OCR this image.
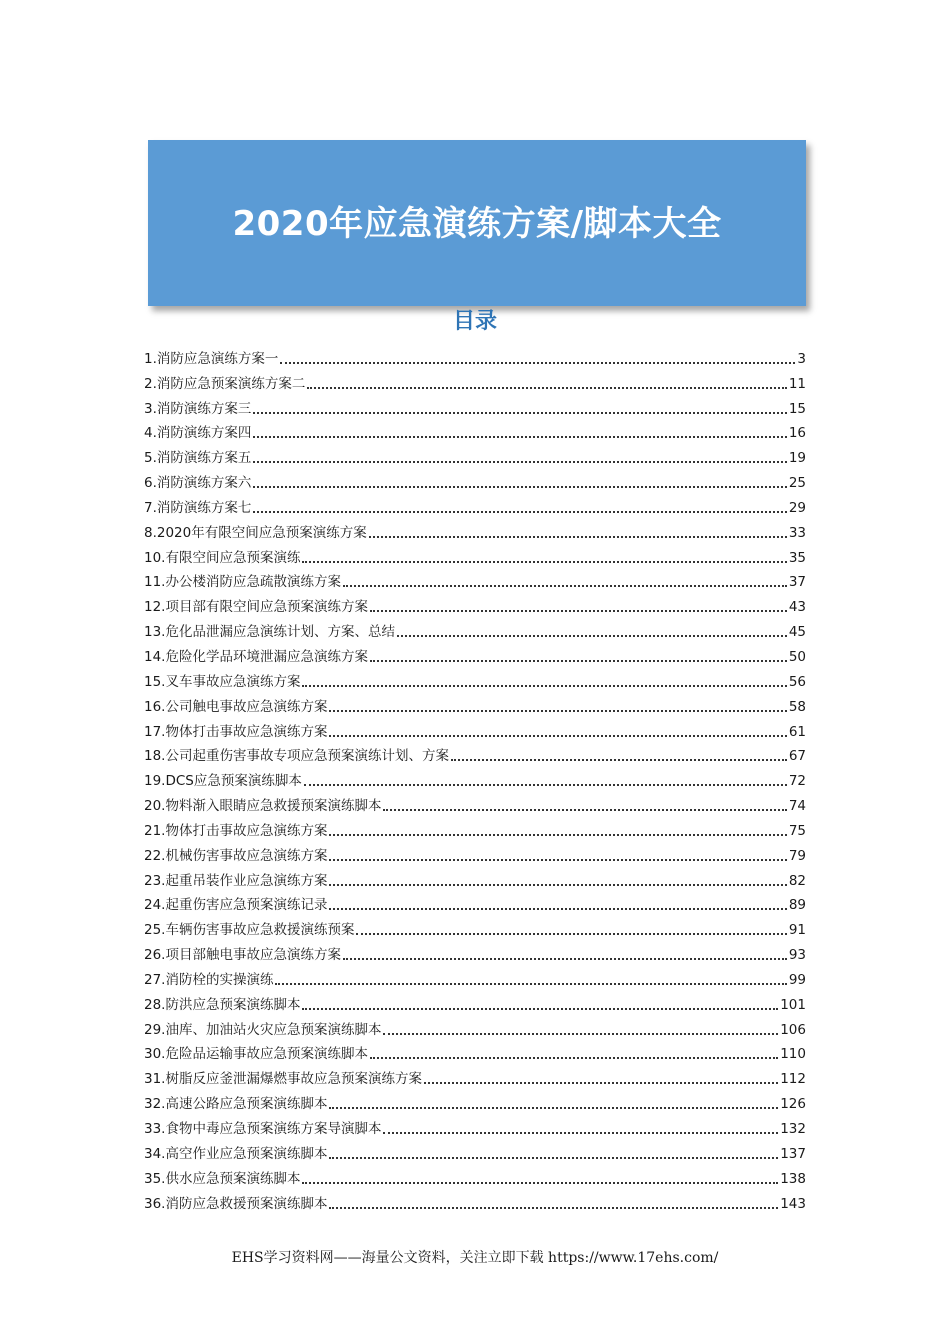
2020年应急演练方案/脚本大全
目录
1.消防应急演练方案一	3
2.消防应急预案演练方案二	11
3.消防演练方案三	15
4.消防演练方案四	16
5.消防演练方案五	19
6.消防演练方案六	25
7.消防演练方案七	29
8.2020年有限空间应急预案演练方案	33
10.有限空间应急预案演练	35
11.办公楼消防应急疏散演练方案	37
12.项目部有限空间应急预案演练方案	43
13.危化品泄漏应急演练计划、方案、总结	45
14.危险化学品环境泄漏应急演练方案	50
15.叉车事故应急演练方案	56
16.公司触电事故应急演练方案	58
17.物体打击事故应急演练方案	61
18.公司起重伤害事故专项应急预案演练计划、方案	67
19.DCS应急预案演练脚本	72
20.物料渐入眼睛应急救援预案演练脚本	74
21.物体打击事故应急演练方案	75
22.机械伤害事故应急演练方案	79
23.起重吊装作业应急演练方案	82
24.起重伤害应急预案演练记录	89
25.车辆伤害事故应急救援演练预案	91
26.项目部触电事故应急演练方案	93
27.消防栓的实操演练	99
28.防洪应急预案演练脚本	101
29.油库、加油站火灾应急预案演练脚本	106
30.危险品运输事故应急预案演练脚本	110
31.树脂反应釜泄漏爆燃事故应急预案演练方案	112
32.高速公路应急预案演练脚本	126
33.食物中毒应急预案演练方案导演脚本	132
34.高空作业应急预案演练脚本	137
35.供水应急预案演练脚本	138
36.消防应急救援预案演练脚本	143
EHS学习资料网——海量公文资料，关注立即下载 https://www.17ehs.com/
